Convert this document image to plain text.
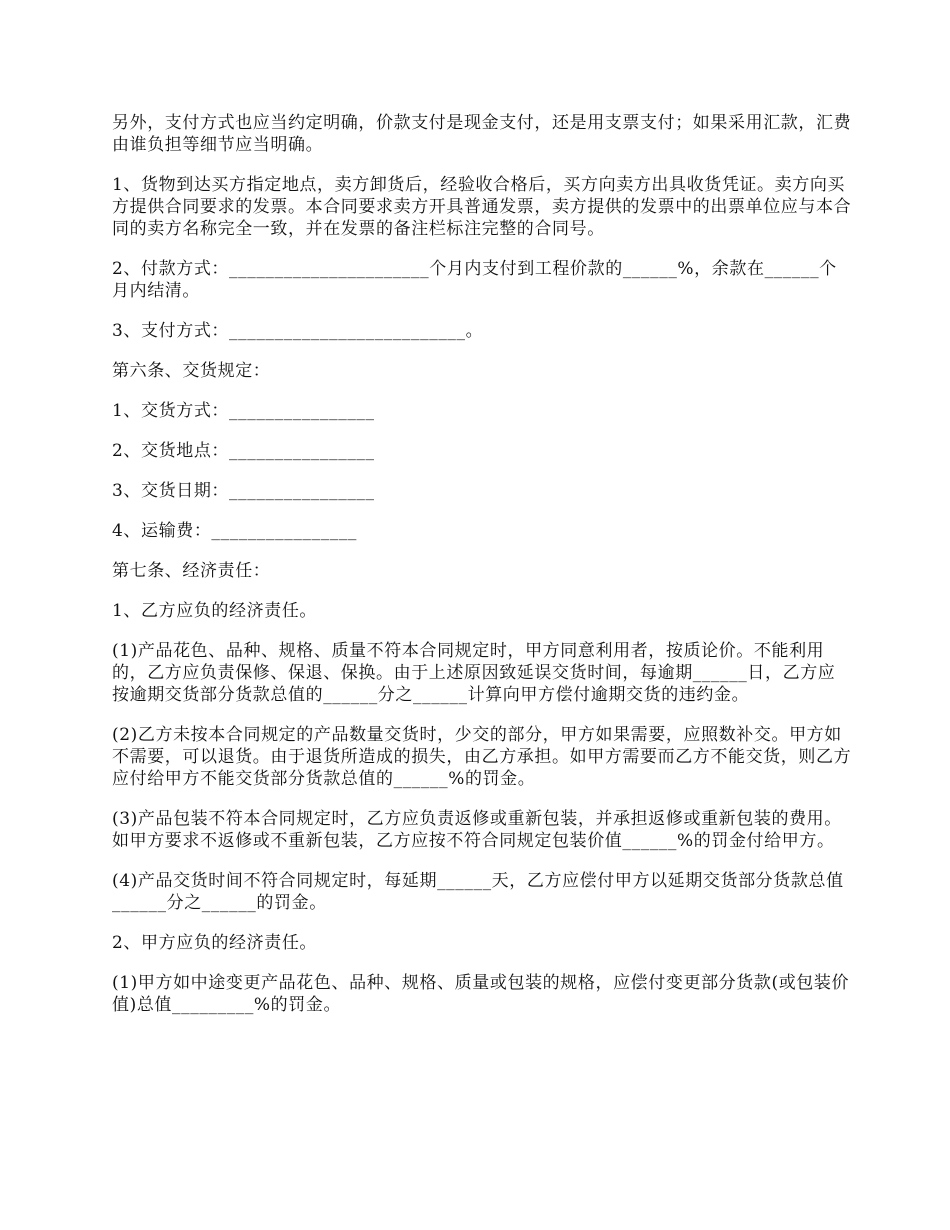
另外，支付方式也应当约定明确，价款支付是现金支付，还是用支票支付；如果采用汇款，汇费由谁负担等细节应当明确。

1、货物到达买方指定地点，卖方卸货后，经验收合格后，买方向卖方出具收货凭证。卖方向买方提供合同要求的发票。本合同要求卖方开具普通发票，卖方提供的发票中的出票单位应与本合同的卖方名称完全一致，并在发票的备注栏标注完整的合同号。

2、付款方式：______________________个月内支付到工程价款的______%，余款在______个月内结清。

3、支付方式：__________________________。

第六条、交货规定：

1、交货方式：________________

2、交货地点：________________

3、交货日期：________________

4、运输费：________________

第七条、经济责任：

1、乙方应负的经济责任。

(1)产品花色、品种、规格、质量不符本合同规定时，甲方同意利用者，按质论价。不能利用的，乙方应负责保修、保退、保换。由于上述原因致延误交货时间，每逾期______日，乙方应按逾期交货部分货款总值的______分之______计算向甲方偿付逾期交货的违约金。

(2)乙方未按本合同规定的产品数量交货时，少交的部分，甲方如果需要，应照数补交。甲方如不需要，可以退货。由于退货所造成的损失，由乙方承担。如甲方需要而乙方不能交货，则乙方应付给甲方不能交货部分货款总值的______%的罚金。

(3)产品包装不符本合同规定时，乙方应负责返修或重新包装，并承担返修或重新包装的费用。如甲方要求不返修或不重新包装，乙方应按不符合同规定包装价值______%的罚金付给甲方。

(4)产品交货时间不符合同规定时，每延期______天，乙方应偿付甲方以延期交货部分货款总值______分之______的罚金。

2、甲方应负的经济责任。

(1)甲方如中途变更产品花色、品种、规格、质量或包装的规格，应偿付变更部分货款(或包装价值)总值_________%的罚金。
